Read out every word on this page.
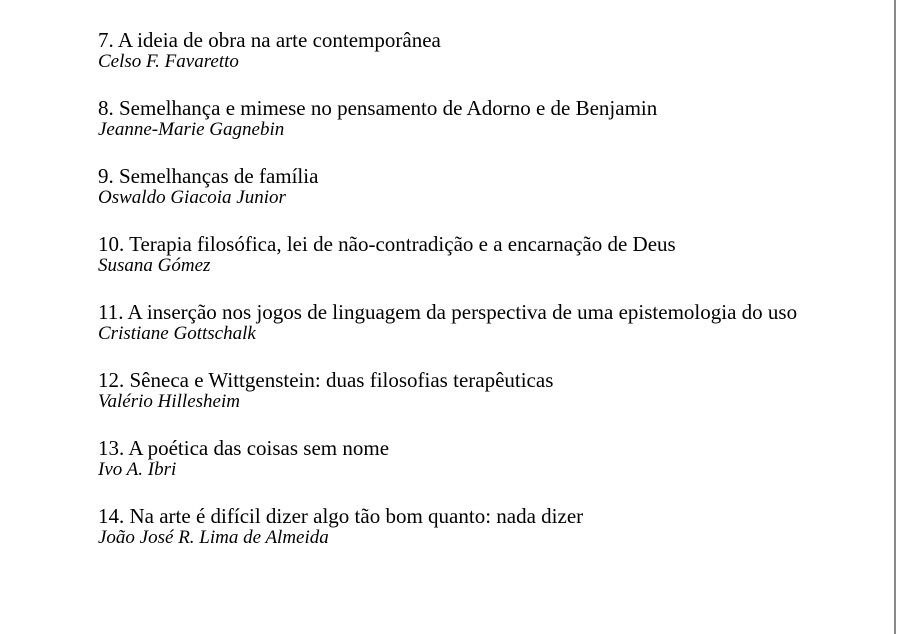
7. A ideia de obra na arte contemporânea
Celso F. Favaretto
8. Semelhança e mimese no pensamento de Adorno e de Benjamin
Jeanne-Marie Gagnebin
9. Semelhanças de família
Oswaldo Giacoia Junior
10. Terapia filosófica, lei de não-contradição e a encarnação de Deus
Susana Gómez
11. A inserção nos jogos de linguagem da perspectiva de uma epistemologia do uso
Cristiane Gottschalk
12. Sêneca e Wittgenstein: duas filosofias terapêuticas
Valério Hillesheim
13. A poética das coisas sem nome
Ivo A. Ibri
14. Na arte é difícil dizer algo tão bom quanto: nada dizer
João José R. Lima de Almeida
